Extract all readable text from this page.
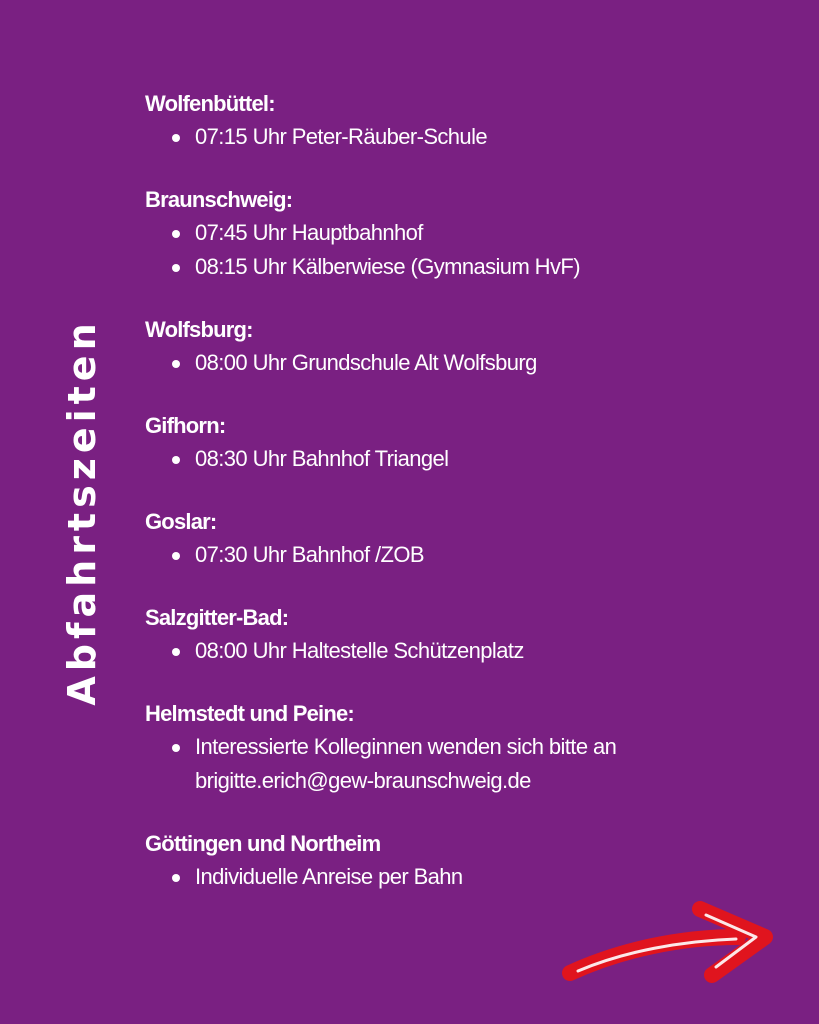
Abfahrtszeiten

Wolfenbüttel:

07:15 Uhr Peter-Räuber-Schule

Braunschweig:

07:45 Uhr Hauptbahnhof
08:15 Uhr Kälberwiese (Gymnasium HvF)

Wolfsburg:

08:00 Uhr Grundschule Alt Wolfsburg

Gifhorn:

08:30 Uhr Bahnhof Triangel

Goslar:

07:30 Uhr Bahnhof /ZOB

Salzgitter-Bad:

08:00 Uhr Haltestelle Schützenplatz

Helmstedt und Peine:

Interessierte Kolleginnen wenden sich bitte an
brigitte.erich@gew-braunschweig.de

Göttingen und Northeim

Individuelle Anreise per Bahn
